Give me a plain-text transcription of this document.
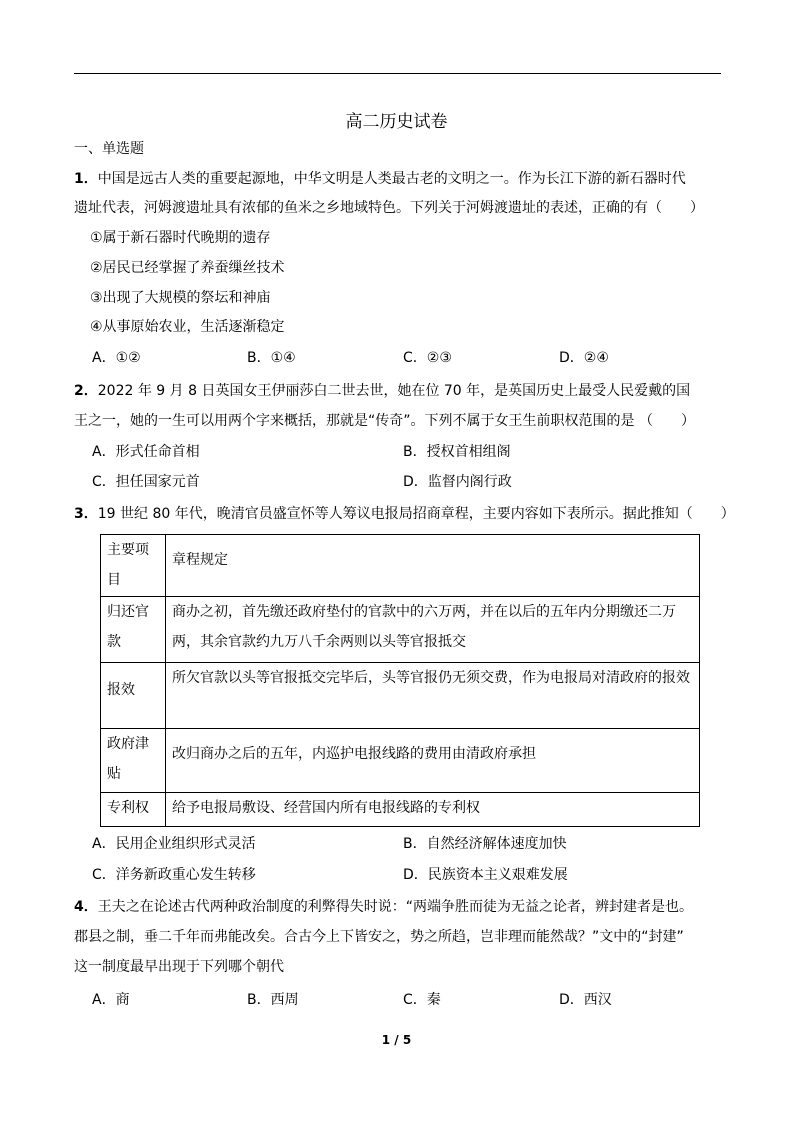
高二历史试卷
一、单选题
1．中国是远古人类的重要起源地，中华文明是人类最古老的文明之一。作为长江下游的新石器时代
遗址代表，河姆渡遗址具有浓郁的鱼米之乡地域特色。下列关于河姆渡遗址的表述，正确的有（　　）
①属于新石器时代晚期的遗存
②居民已经掌握了养蚕缫丝技术
③出现了大规模的祭坛和神庙
④从事原始农业，生活逐渐稳定
A．①②	B．①④	C．②③	D．②④
2．2022 年 9 月 8 日英国女王伊丽莎白二世去世，她在位 70 年，是英国历史上最受人民爱戴的国
王之一，她的一生可以用两个字来概括，那就是“传奇”。下列不属于女王生前职权范围的是 （　　）
A．形式任命首相	B．授权首相组阁
C．担任国家元首	D．监督内阁行政
3．19 世纪 80 年代，晚清官员盛宣怀等人筹议电报局招商章程，主要内容如下表所示。据此推知（　　）
主要项目	章程规定
归还官款	商办之初，首先缴还政府垫付的官款中的六万两，并在以后的五年内分期缴还二万两，其余官款约九万八千余两则以头等官报抵交
报效	所欠官款以头等官报抵交完毕后，头等官报仍无须交费，作为电报局对清政府的报效
政府津贴	改归商办之后的五年，内巡护电报线路的费用由清政府承担
专利权	给予电报局敷设、经营国内所有电报线路的专利权
A．民用企业组织形式灵活	B．自然经济解体速度加快
C．洋务新政重心发生转移	D．民族资本主义艰难发展
4．王夫之在论述古代两种政治制度的利弊得失时说：“两端争胜而徒为无益之论者，辨封建者是也。
郡县之制，垂二千年而弗能改矣。合古今上下皆安之，势之所趋，岂非理而能然哉？”文中的“封建”
这一制度最早出现于下列哪个朝代
A．商	B．西周	C．秦	D．西汉
1 / 5
